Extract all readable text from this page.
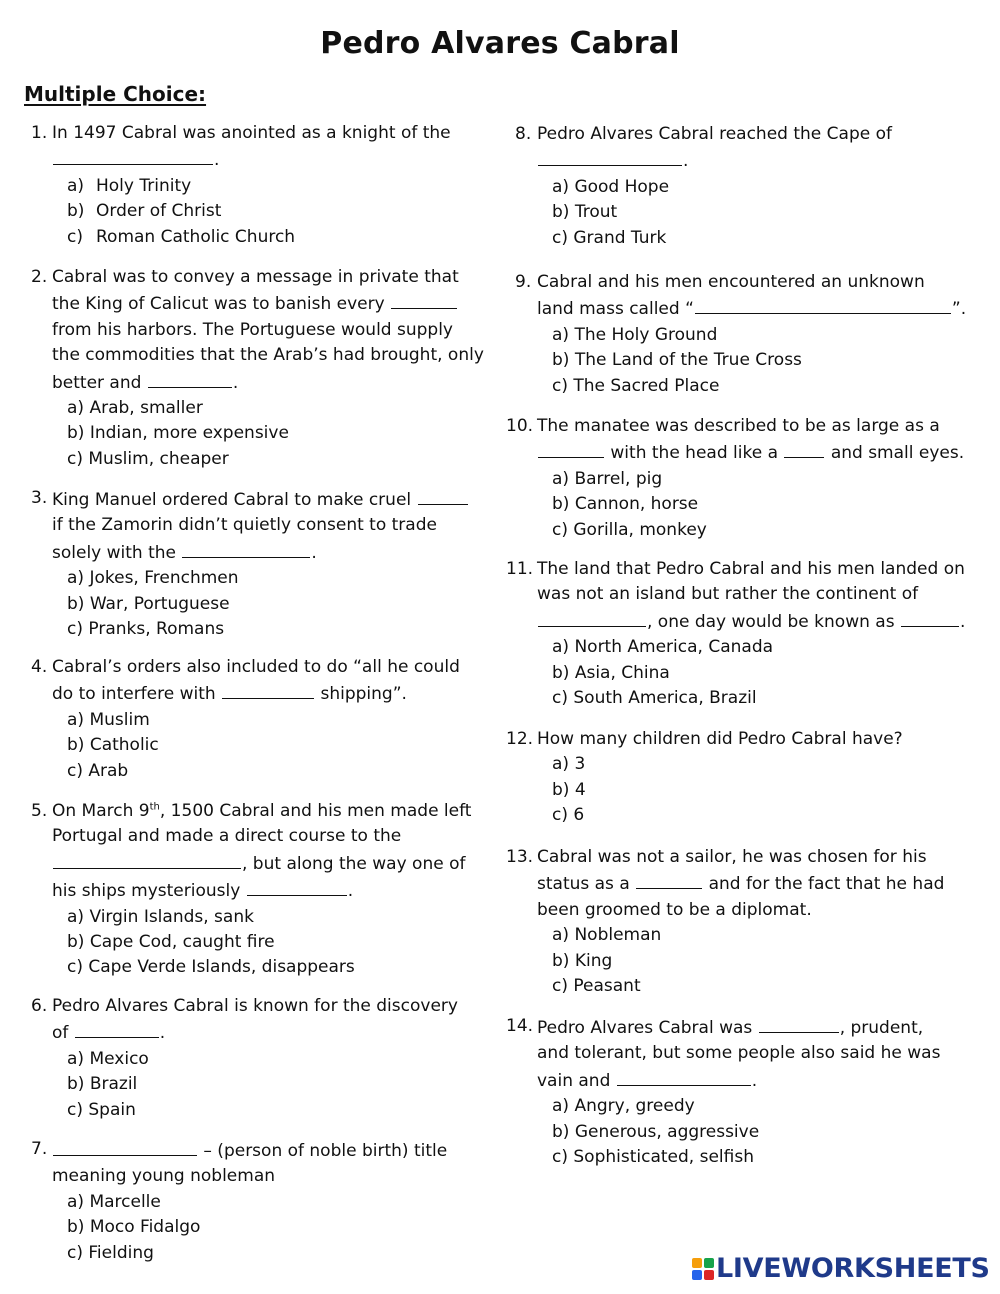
Pedro Alvares Cabral
Multiple Choice:
1. In 1497 Cabral was anointed as a knight of the
.
a) Holy Trinity
b) Order of Christ
c) Roman Catholic Church
2. Cabral was to convey a message in private that
the King of Calicut was to banish every
from his harbors. The Portuguese would supply
the commodities that the Arab’s had brought, only
better and	.
a) Arab, smaller
b) Indian, more expensive
c) Muslim, cheaper
3. King Manuel ordered Cabral to make cruel
if the Zamorin didn’t quietly consent to trade
solely with the	.
a) Jokes, Frenchmen
b) War, Portuguese
c) Pranks, Romans
4. Cabral’s orders also included to do “all he could
do to interfere with	shipping”.
a) Muslim
b) Catholic
c) Arab
5. On March 9th, 1500 Cabral and his men made left
Portugal and made a direct course to the
, but along the way one of
his ships mysteriously	.
a) Virgin Islands, sank
b) Cape Cod, caught fire
c) Cape Verde Islands, disappears
6. Pedro Alvares Cabral is known for the discovery
of	.
a) Mexico
b) Brazil
c) Spain
7.	– (person of noble birth) title
meaning young nobleman
a) Marcelle
b) Moco Fidalgo
c) Fielding
8. Pedro Alvares Cabral reached the Cape of
.
a) Good Hope
b) Trout
c) Grand Turk
9. Cabral and his men encountered an unknown
land mass called “	”.
a) The Holy Ground
b) The Land of the True Cross
c) The Sacred Place
10. The manatee was described to be as large as a
with the head like a	and small eyes.
a) Barrel, pig
b) Cannon, horse
c) Gorilla, monkey
11. The land that Pedro Cabral and his men landed on
was not an island but rather the continent of
, one day would be known as	.
a) North America, Canada
b) Asia, China
c) South America, Brazil
12. How many children did Pedro Cabral have?
a) 3
b) 4
c) 6
13. Cabral was not a sailor, he was chosen for his
status as a	and for the fact that he had
been groomed to be a diplomat.
a) Nobleman
b) King
c) Peasant
14. Pedro Alvares Cabral was	, prudent,
and tolerant, but some people also said he was
vain and	.
a) Angry, greedy
b) Generous, aggressive
c) Sophisticated, selfish
LIVEWORKSHEETS
